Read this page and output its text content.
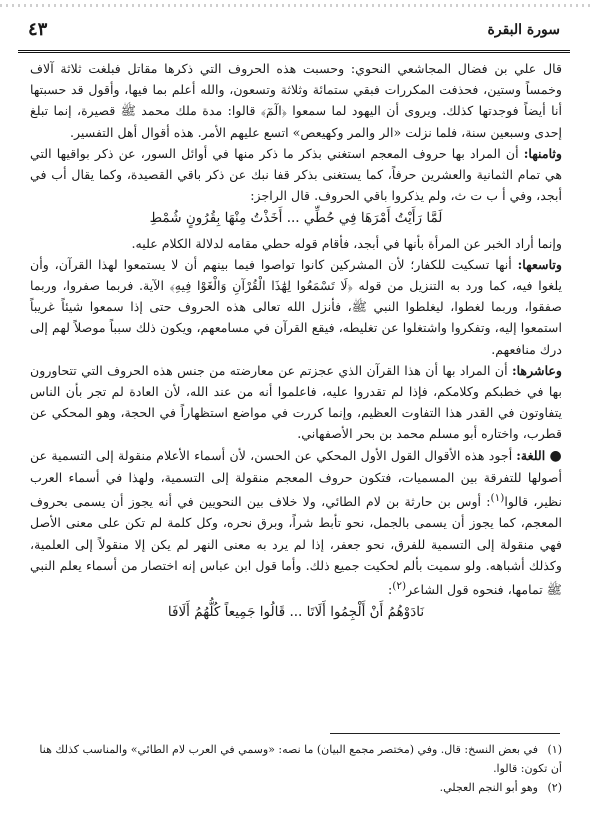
سورة البقرة
٤٣

قال علي بن فضال المجاشعي النحوي: وحسبت هذه الحروف التي ذكرها مقاتل فبلغت ثلاثة آلاف وخمساً وستين، فحذفت المكررات فبقي ستمائة وثلاثة وتسعون، والله أعلم بما فيها، وأقول قد حسبتها أنا أيضاً فوجدتها كذلك. ويروى أن اليهود لما سمعوا ﴿الٓمٓ﴾ قالوا: مدة ملك محمد ﷺ قصيرة، إنما تبلغ إحدى وسبعين سنة، فلما نزلت «الر والمر وكهيعص» اتسع عليهم الأمر. هذه أقوال أهل التفسير.

وثامنها: أن المراد بها حروف المعجم استغني بذكر ما ذكر منها في أوائل السور، عن ذكر بواقيها التي هي تمام الثمانية والعشرين حرفاً، كما يستغنى بذكر قفا نبك عن ذكر باقي القصيدة، وكما يقال أب في أبجد، وفي أ ب ت ث، ولم يذكروا باقي الحروف. قال الراجز:

لَمَّا رَأَيْتُ أَمْرَهَا فِي حُطِّي ... أَخَذْتُ مِنْهَا بِقُرُونٍ شُمْطِ

وإنما أراد الخبر عن المرأة بأنها في أبجد، فأقام قوله حطي مقامه لدلالة الكلام عليه.

وتاسعها: أنها تسكيت للكفار؛ لأن المشركين كانوا تواصوا فيما بينهم أن لا يستمعوا لهذا القرآن، وأن يلغوا فيه، كما ورد به التنزيل من قوله ﴿لَا تَسْمَعُوا لِهَٰذَا الْقُرْآنِ وَالْغَوْا فِيهِ﴾ الآية. فربما صفروا، وربما صفقوا، وربما لغطوا، ليغلطوا النبي ﷺ، فأنزل الله تعالى هذه الحروف حتى إذا سمعوا شيئاً غريباً استمعوا إليه، وتفكروا واشتغلوا عن تغليطه، فيقع القرآن في مسامعهم، ويكون ذلك سبباً موصلاً لهم إلى درك منافعهم.

وعاشرها: أن المراد بها أن هذا القرآن الذي عجزتم عن معارضته من جنس هذه الحروف التي تتحاورون بها في خطبكم وكلامكم، فإذا لم تقدروا عليه، فاعلموا أنه من عند الله، لأن العادة لم تجر بأن الناس يتفاوتون في القدر هذا التفاوت العظيم، وإنما كررت في مواضع استظهاراً في الحجة، وهو المحكي عن قطرب، واختاره أبو مسلم محمد بن بحر الأصفهاني.

● اللغة: أجود هذه الأقوال القول الأول المحكي عن الحسن، لأن أسماء الأعلام منقولة إلى التسمية عن أصولها للتفرقة بين المسميات، فتكون حروف المعجم منقولة إلى التسمية، ولهذا في أسماء العرب نظير، قالوا$^{(١)}$: أوس بن حارثة بن لام الطائي، ولا خلاف بين النحويين في أنه يجوز أن يسمى بحروف المعجم، كما يجوز أن يسمى بالجمل، نحو تأبط شراً، وبرق نحره، وكل كلمة لم تكن على معنى الأصل فهي منقولة إلى التسمية للفرق، نحو جعفر، إذا لم يرد به معنى النهر لم يكن إلا منقولاً إلى العلمية، وكذلك أشباهه. ولو سميت بألم لحكيت جميع ذلك. وأما قول ابن عباس إنه اختصار من أسماء يعلم النبي ﷺ تمامها، فنحوه قول الشاعر$^{(٢)}$:

نَادَوْهُمُ أَنْ أَلْجِمُوا أَلَاتَا ... قَالُوا جَمِيعاً كُلُّهُمُ أَلَافَا

(١)في بعض النسخ: قال. وفي (مختصر مجمع البيان) ما نصه: «وسمي في العرب لام الطائي» والمناسب كذلك هنا أن تكون: قالوا.

(٢)وهو أبو النجم العجلي.
